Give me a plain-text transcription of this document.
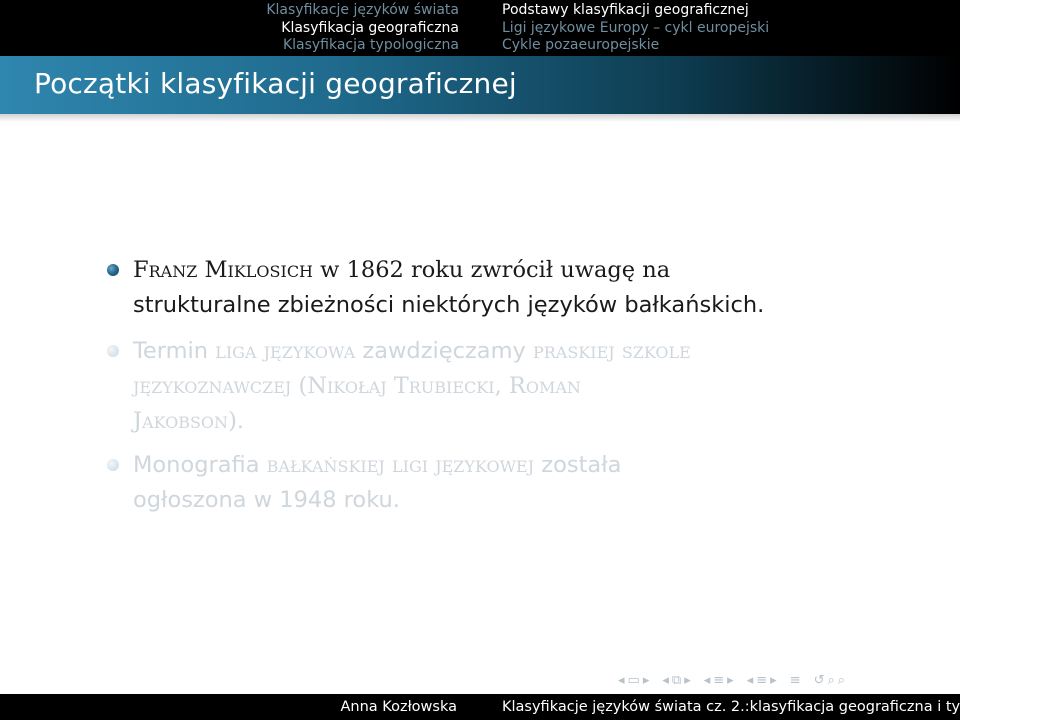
Klasyfikacje języków świata
Klasyfikacja geograficzna
Klasyfikacja typologiczna
Podstawy klasyfikacji geograficznej
Ligi językowe Europy – cykl europejski
Cykle pozaeuropejskie
Początki klasyfikacji geograficznej
Franz Miklosich w 1862 roku zwrócił uwagę na
strukturalne zbieżności niektórych języków bałkańskich.
Termin liga językowa zawdzięczamy praskiej szkole
językoznawczej (Nikołaj Trubiecki, Roman
Jakobson).
Monografia bałkańskiej ligi językowej została
ogłoszona w 1948 roku.
◂ ▭ ▸ ◂ ⧉ ▸ ◂ ≡ ▸ ◂ ≡ ▸ ≡ ↺ ⌕ ⌕
Anna Kozłowska	Klasyfikacje języków świata cz. 2.:klasyfikacja geograficzna i typologiczna
